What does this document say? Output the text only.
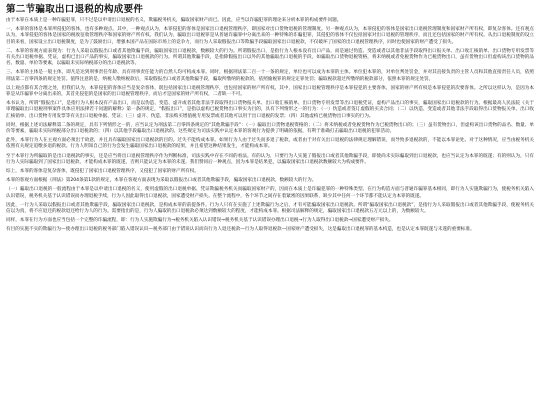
第二节骗取出口退税的构成要件

由于本罪在本质上是一种诈骗犯罪，只不过是以申请出口退税的名义，欺骗税务机关，骗取国家财产而已。因此，应当以诈骗犯罪的理论来分析本罪的构成要件问题。

一、本罪的客体是本罪所侵犯的客体，也有多种观点。其中，一种观点认为，本罪侵犯的客体是国家出口退税管理秩序，即国家对出口货物退税的管理制度。另一种观点认为，本罪侵犯的客体是国家出口退税管理制度和国家财产所有权，即复杂客体。还有观点认为，本罪侵犯的客体是国家的税收征收管理秩序和国家的财产所有权。我们认为，骗取出口退税罪是从普通诈骗罪中分离出来的一种特殊的诈骗犯罪，其侵犯的客体不仅包括国家对出口退税的管理秩序，而且还包括国家的财产所有权。从出口退税制度的设立目的来看，国家设立出口退税制度，是为了鼓励出口，增强本国产品在国际市场上的竞争力，而行为人采取假报出口等欺骗手段骗取国家出口退税款，不仅破坏了国家的出口退税管理秩序，同时也使国家的财产遭受了损失。

二、本罪的客观方面表现为：行为人采取以假报出口或者其他欺骗手段，骗取国家出口退税款，数额较大的行为。所谓假报出口，是指行为人根本没有出口产品，而是通过伪造、变造或者以其他非法手段取得出口报关单、出口收汇核销单、出口货物专用发票等有关出口退税单据、凭证，虚构已出口产品的事实，骗取国家出口退税款的行为。所谓其他欺骗手段，是指除假报出口以外的其他骗取出口退税的手段，如骗取出口货物退税资格，将未纳税或者免税货物作为已税货物出口，虽有货物出口但虚构该出口货物的品名、数量、单价等要素，以骗取未实际纳税部分的出口退税款等。

三、本罪的主体是一般主体，即凡是达到刑事责任年龄、具有刑事责任能力的自然人均可构成本罪。同时，根据刑法第二百一十一条的规定，单位也可以成为本罪的主体。单位犯本罪的，对单位判处罚金，并对其直接负责的主管人员和其他直接责任人员，依照刑法第二百零四条的规定处罚。值得注意的是，纳税人缴纳税款后，采取假报出口或者其他欺骗手段，骗取所缴纳的税款的，依照偷税罪的规定定罪处罚；骗取税款超过所缴纳的税款部分，依照本罪的规定处罚。

以上观点都有其合理之处，但我们认为，本罪侵犯的客体应当是复杂客体，既包括国家出口退税管理秩序，也包括国家的财产所有权。其中，国家出口退税管理秩序是本罪侵犯的主要客体，国家的财产所有权是本罪侵犯的次要客体。之所以这样认为，是因为本罪是从诈骗罪中分离出来的，其首先侵犯的是国家的出口退税管理秩序，而后才是国家的财产所有权，二者缺一不可。

本书认为，所谓“假报出口”，是指行为人根本没有产品出口，而是以伪造、变造、虚开或者其他非法手段取得出口货物报关单、出口收汇核销单、出口货物专用发票等出口退税凭证，虚构产品出口的事实，骗取国家出口退税款的行为。根据最高人民法院《关于审理骗取出口退税刑事案件具体应用法律若干问题的解释》第一条的规定，“假报出口”，是指以虚构已税货物出口事实为目的，具有下列情形之一的行为：（一）伪造或者签订虚假的买卖合同；（二）以伪造、变造或者其他非法手段取得出口货物报关单、出口收汇核销单、出口货物专用发票等有关出口退税单据、凭证；（三）虚开、伪造、非法购买增值税专用发票或者其他可以用于出口退税的发票；（四）其他虚构已税货物出口事实的行为。

同时，根据上述司法解释第二条的规定，具有下列情形之一的，应当认定为刑法第二百零四条规定的“其他欺骗手段”：（一）骗取出口货物退税资格的；（二）将未纳税或者免税货物作为已税货物出口的；（三）虽有货物出口，但虚构该出口货物的品名、数量、单价等要素，骗取未实际纳税部分出口退税款的；（四）以其他手段骗取出口退税款的。这些规定为司法实践中认定本罪的客观行为提供了明确的依据，有利于准确打击骗取出口退税的犯罪活动。

此外，本罪行为人在主观方面必须出于故意，并且具有骗取国家出口退税款的目的。过失不能构成本罪。如果行为人由于过失而多退了税款，或者由于对有关出口退税的法律规定理解错误，而导致多退税款的，不能以本罪论处。对于这种情况，应当由税务机关依照有关规定追缴多退的税款。行为人明知自己的行为会发生骗取国家出口退税款的结果，并且希望这种结果发生，才能构成本罪。

至于本罪行为所骗取的是出口退税款的事实，还是应当将出口退税管理秩序作为判断标准，司法实践中存在不同的看法。有的认为，只要行为人实施了假报出口或者其他欺骗手段，即使尚未实际骗取到出口退税款，也应当认定为本罪的既遂；有的则认为，只有行为人实际骗取到了国家出口退税款，才能构成本罪的既遂，否则只能认定为本罪的未遂。我们赞同后一种观点，因为本罪是结果犯，以骗取国家出口退税款数额较大为构成要件。

综上，本罪的客体是复杂客体，既侵犯了国家出口退税管理秩序，又侵犯了国家的财产所有权。

本罪的客观方面根据《刑法》第204条第1款的规定，本罪在客观方面表现为采取以假报出口或者其他欺骗手段，骗取国家出口退税款，数额较大的行为。

（一）骗取出口退税的一般流程由于本罪是以申请出口退税的名义，使用虚假的出口退税单据、凭证欺骗税务机关而骗取国家财产的，因而在本质上是诈骗犯罪的一种特殊类型。在行为构造方面与普通诈骗罪基本相同，即行为人实施欺骗行为，使税务机关陷入认识错误，税务机关基于认识错误而办理退税手续，行为人因此取得出口退税款，国家遭受财产损失。在整个流程中，各个环节之间存在着紧密的因果联系，缺少其中任何一个环节都不能认定为本罪的既遂。

因此，一行为人采取以假报出口或者其他欺骗手段，骗取国家出口退税款，是构成本罪的前提条件。行为人只有在实施了上述欺骗行为之后，才有可能骗取国家出口退税款。所谓“骗取国家出口退税款”，是指行为人采取假报出口或者其他欺骗手段，使税务机关信以为真，将不应退还的税款退还给行为人的行为。需要指出的是，行为人骗取的出口退税款必须达到数额较大的程度，才能构成本罪。根据司法解释的规定，骗取国家出口退税款五万元以上的，为数额较大。

同样，本罪在行为方面也应当包括一个完整的诈骗流程，即：行为人实施欺骗行为→税务机关陷入认识错误→税务机关基于认识错误办理出口退税→行为人取得出口退税款→国家遭受财产损失。

有目的实施不实的欺骗行为—使办理出口退税的税务部门陷入错误认识—税务部门由于错误认识而向行为人退还税款—行为人取得退税款—国家财产遭受损失，这是骗取出口退税罪的基本构造，也是认定本罪既遂与未遂的重要标准。
